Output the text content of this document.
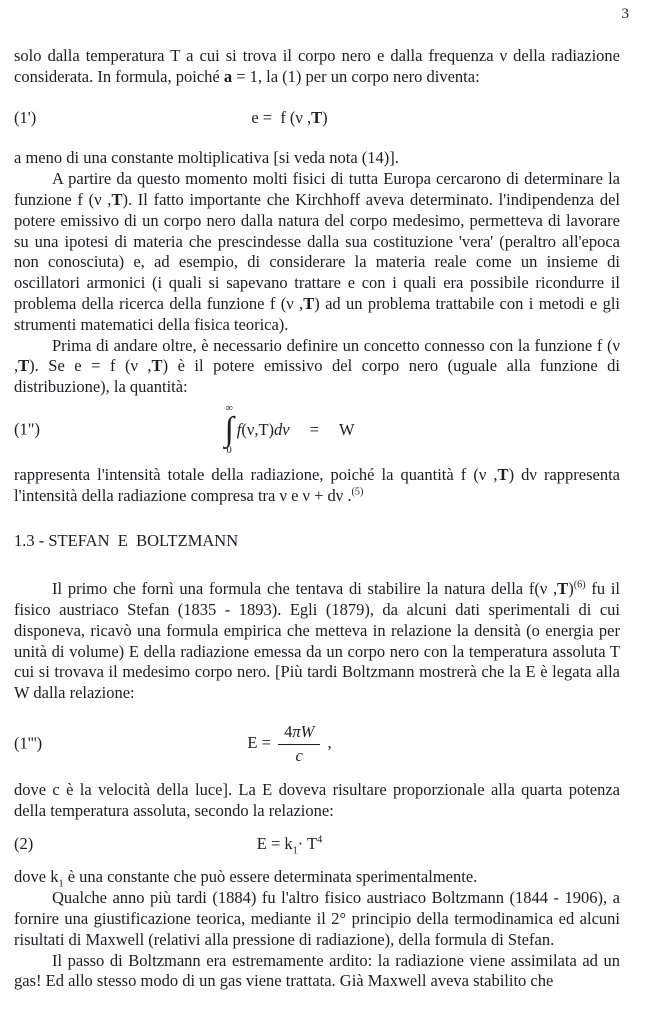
3

solo dalla temperatura T a cui si trova il corpo nero e dalla frequenza ν della radiazione considerata. In formula, poiché a = 1, la (1) per un corpo nero diventa:

(1')	e =  f (ν ,T)

a meno di una constante moltiplicativa [si veda nota (14)].

A partire da questo momento molti fisici di tutta Europa cercarono di determinare la funzione f (ν ,T). Il fatto importante che Kirchhoff aveva determinato. l'indipendenza del potere emissivo di un corpo nero dalla natura del corpo medesimo, permetteva di lavorare su una ipotesi di materia che prescindesse dalla sua costituzione 'vera' (peraltro all'epoca non conosciuta) e, ad esempio, di considerare la materia reale come un insieme di oscillatori armonici (i quali si sapevano trattare e con i quali era possibile ricondurre il problema della ricerca della funzione f (ν ,T) ad un problema trattabile con i metodi e gli strumenti matematici della fisica teorica).

Prima di andare oltre, è necessario definire un concetto connesso con la funzione f (ν ,T). Se e = f (ν ,T) è il potere emissivo del corpo nero (uguale alla funzione di distribuzione), la quantità:

(1")
∞
∫
0
f(ν,T)dν = W

rappresenta l'intensità totale della radiazione, poiché la quantità f (ν ,T) dν rappresenta l'intensità della radiazione compresa tra ν e ν + dν .$^{(5)}$

1.3 - STEFAN  E  BOLTZMANN

Il primo che fornì una formula che tentava di stabilire la natura della f(ν ,T)$^{(6)}$ fu il fisico austriaco Stefan (1835 - 1893). Egli (1879), da alcuni dati sperimentali di cui disponeva, ricavò una formula empirica che metteva in relazione la densità (o energia per unità di volume) E della radiazione emessa da un corpo nero con la temperatura assoluta T cui si trovava il medesimo corpo nero. [Più tardi Boltzmann mostrerà che la E è legata alla W dalla relazione:

(1''')	$E = \frac{4\pi W}{c}$ ,

dove c è la velocità della luce]. La E doveva risultare proporzionale alla quarta potenza della temperatura assoluta, secondo la relazione:

(2)	$E = k_1\cdot T^4$

dove $k_1$ è una constante che può essere determinata sperimentalmente.

Qualche anno più tardi (1884) fu l'altro fisico austriaco Boltzmann (1844 - 1906), a fornire una giustificazione teorica, mediante il 2° principio della termodinamica ed alcuni risultati di Maxwell (relativi alla pressione di radiazione), della formula di Stefan.

Il passo di Boltzmann era estremamente ardito: la radiazione viene assimilata ad un gas! Ed allo stesso modo di un gas viene trattata. Già Maxwell aveva stabilito che
